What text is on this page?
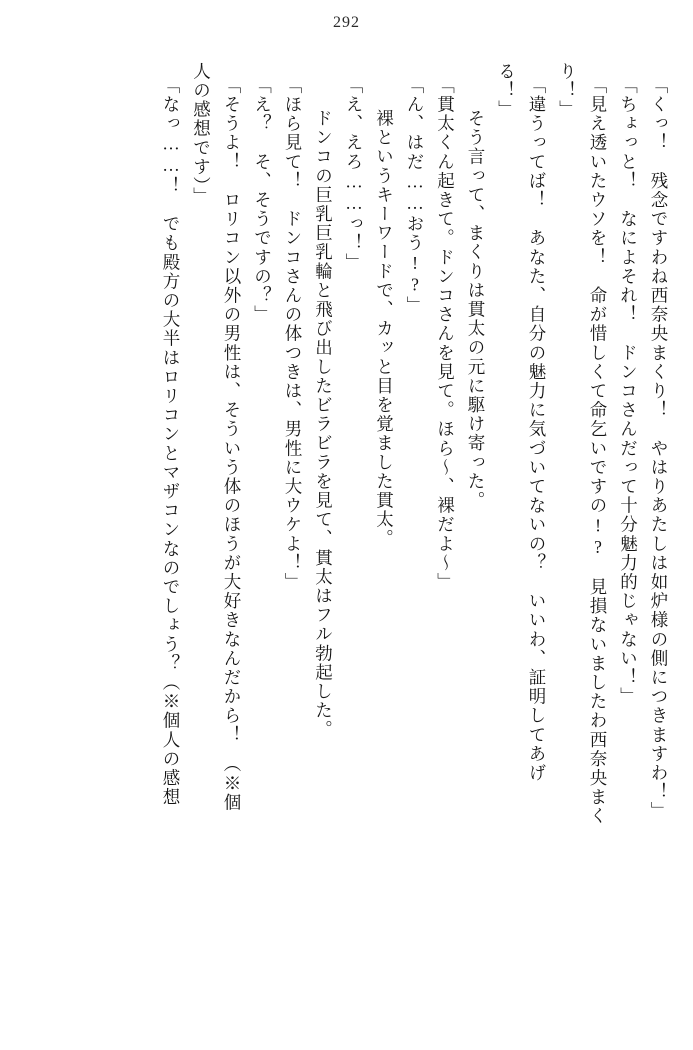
292
「くっ！　残念ですわね西奈央まくり！　やはりあたしは如炉様の側につきますわ！」
「ちょっと！　なによそれ！　ドンコさんだって十分魅力的じゃない！」
「見え透いたウソを！　命が惜しくて命乞いですの!?　見損ないましたわ西奈央まく
り！」
「違うってば！　あなた、自分の魅力に気づいてないの？　いいわ、証明してあげ
る！」
　そう言って、まくりは貫太の元に駆け寄った。
「貫太くん起きて。ドンコさんを見て。ほら～、裸だよ～」
「ん、はだ……おう!?」
　裸というキーワードで、カッと目を覚ました貫太。
「え、えろ……っ！」
　ドンコの巨乳巨乳輪と飛び出したビラビラを見て、貫太はフル勃起した。
「ほら見て！　ドンコさんの体つきは、男性に大ウケよ！」
「え？　そ、そうですの？」
「そうよ！　ロリコン以外の男性は、そういう体のほうが大好きなんだから！　（※個
人の感想です）」
「なっ……！　でも殿方の大半はロリコンとマザコンなのでしょう？（※個人の感想
